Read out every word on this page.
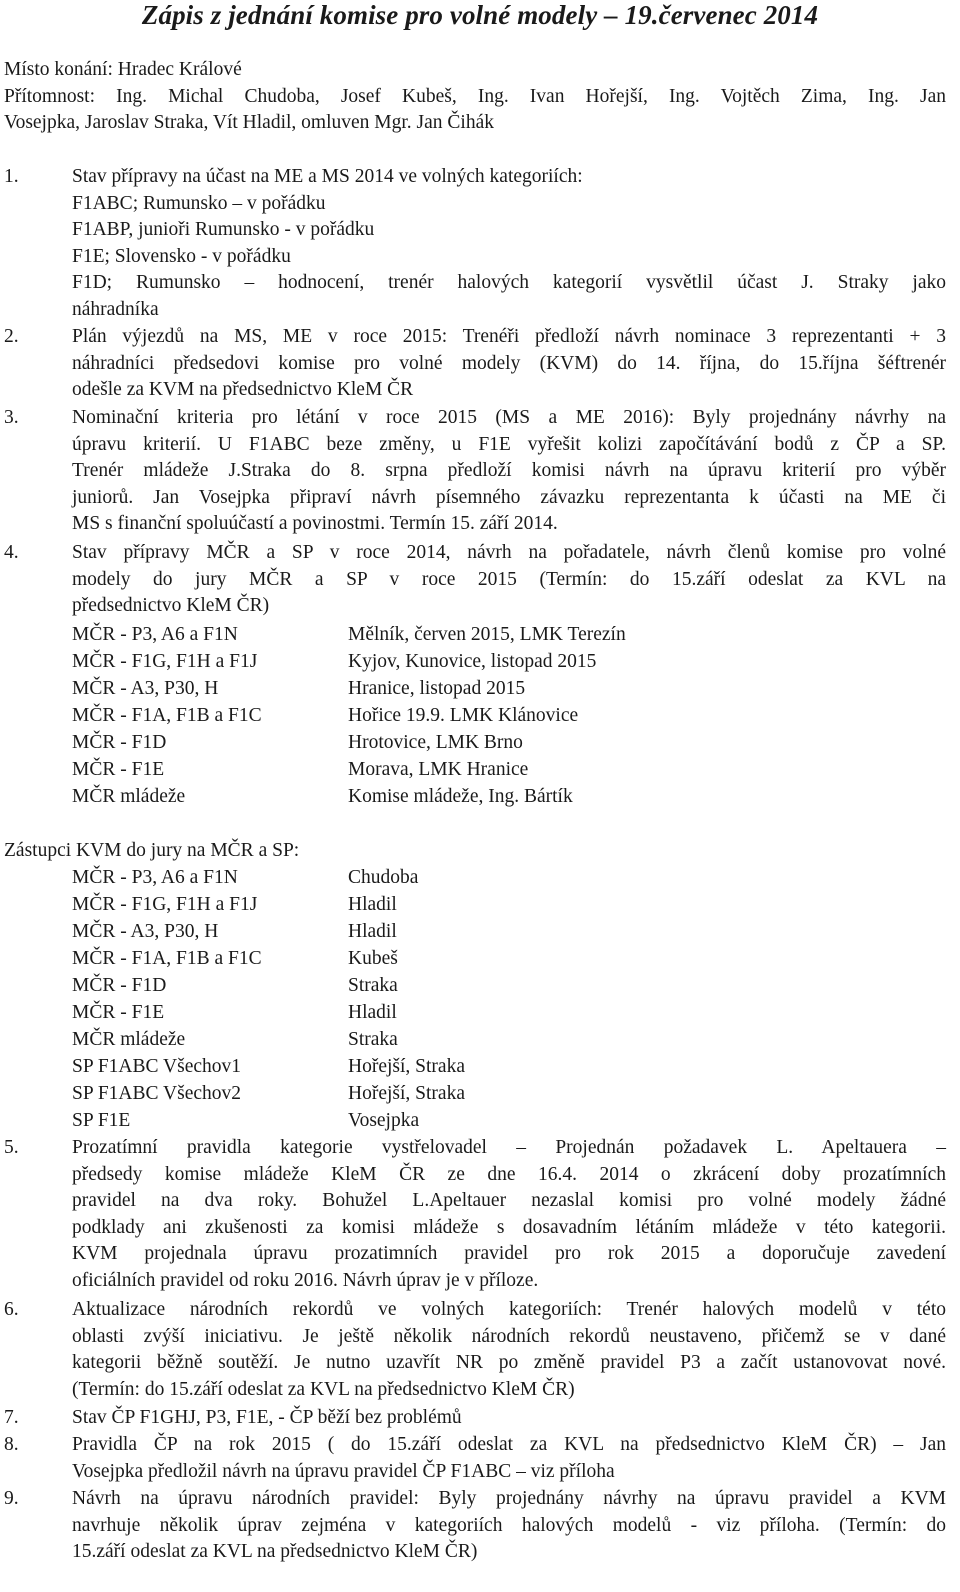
Zápis z jednání komise pro volné modely – 19.červenec 2014
Místo konání: Hradec Králové
Přítomnost: Ing. Michal Chudoba, Josef Kubeš, Ing. Ivan Hořejší, Ing. Vojtěch Zima, Ing. Jan
Vosejpka, Jaroslav Straka, Vít Hladil, omluven Mgr. Jan Čihák
1.	Stav přípravy na účast na ME a MS 2014 ve volných kategoriích:
F1ABC; Rumunsko – v pořádku
F1ABP, junioři Rumunsko - v pořádku
F1E; Slovensko - v pořádku
F1D; Rumunsko – hodnocení, trenér halových kategorií vysvětlil účast J. Straky jako
náhradníka
2.	Plán výjezdů na MS, ME v roce 2015: Trenéři předloží návrh nominace 3 reprezentanti + 3
náhradníci předsedovi komise pro volné modely (KVM) do 14. října, do 15.října šéftrenér
odešle za KVM na předsednictvo KleM ČR
3.	Nominační kriteria pro létání v roce 2015 (MS a ME 2016): Byly projednány návrhy na
úpravu kriterií. U F1ABC beze změny, u F1E vyřešit kolizi započítávání bodů z ČP a SP.
Trenér mládeže J.Straka do 8. srpna předloží komisi návrh na úpravu kriterií pro výběr
juniorů. Jan Vosejpka připraví návrh písemného závazku reprezentanta k účasti na ME či
MS s finanční spoluúčastí a povinostmi. Termín 15. září 2014.
4.	Stav přípravy MČR a SP v roce 2014, návrh na pořadatele, návrh členů komise pro volné
modely do jury MČR a SP v roce 2015 (Termín: do 15.září odeslat za KVL na
předsednictvo KleM ČR)
MČR - P3, A6 a F1N	Mělník, červen 2015, LMK Terezín
MČR - F1G, F1H a F1J	Kyjov, Kunovice, listopad 2015
MČR - A3, P30, H	Hranice, listopad 2015
MČR - F1A, F1B a F1C	Hořice 19.9. LMK Klánovice
MČR - F1D	Hrotovice, LMK Brno
MČR - F1E	Morava, LMK Hranice
MČR mládeže	Komise mládeže, Ing. Bártík
Zástupci KVM do jury na MČR a SP:
MČR - P3, A6 a F1N	Chudoba
MČR - F1G, F1H a F1J	Hladil
MČR - A3, P30, H	Hladil
MČR - F1A, F1B a F1C	Kubeš
MČR - F1D	Straka
MČR - F1E	Hladil
MČR mládeže	Straka
SP F1ABC Všechov1	Hořejší, Straka
SP F1ABC Všechov2	Hořejší, Straka
SP F1E	Vosejpka
5.	Prozatímní pravidla kategorie vystřelovadel – Projednán požadavek L. Apeltauera –
předsedy komise mládeže KleM ČR ze dne 16.4. 2014 o zkrácení doby prozatímních
pravidel na dva roky. Bohužel L.Apeltauer nezaslal komisi pro volné modely žádné
podklady ani zkušenosti za komisi mládeže s dosavadním létáním mládeže v této kategorii.
KVM projednala úpravu prozatimních pravidel pro rok 2015 a doporučuje zavedení
oficiálních pravidel od roku 2016. Návrh úprav je v příloze.
6.	Aktualizace národních rekordů ve volných kategoriích: Trenér halových modelů v této
oblasti zvýší iniciativu. Je ještě několik národních rekordů neustaveno, přičemž se v dané
kategorii běžně soutěží. Je nutno uzavřít NR po změně pravidel P3 a začít ustanovovat nové.
(Termín: do 15.září odeslat za KVL na předsednictvo KleM ČR)
7.	Stav ČP F1GHJ, P3, F1E, - ČP běží bez problémů
8.	Pravidla ČP na rok 2015 ( do 15.září odeslat za KVL na předsednictvo KleM ČR) – Jan
Vosejpka předložil návrh na úpravu pravidel ČP F1ABC – viz příloha
9.	Návrh na úpravu národních pravidel: Byly projednány návrhy na úpravu pravidel a KVM
navrhuje několik úprav zejména v kategoriích halových modelů - viz příloha. (Termín: do
15.září odeslat za KVL na předsednictvo KleM ČR)
